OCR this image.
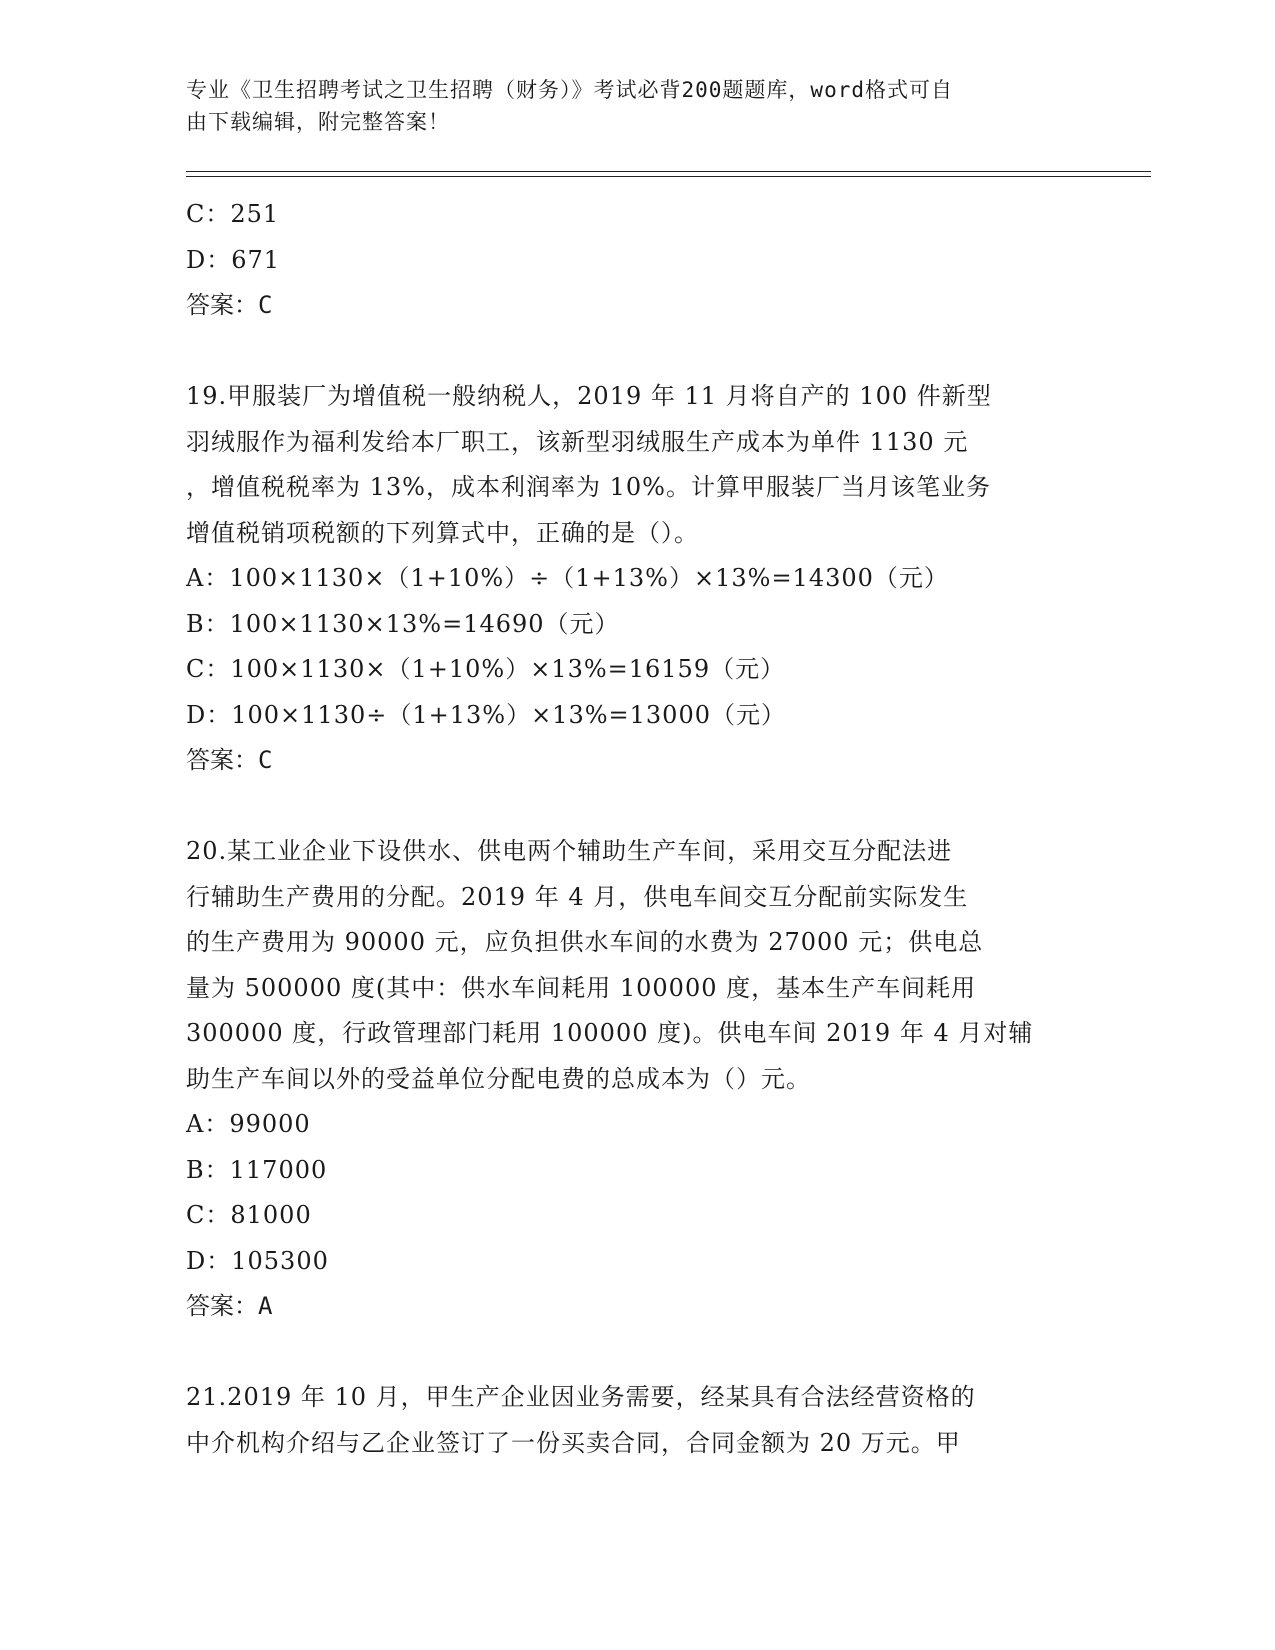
专业《卫生招聘考试之卫生招聘（财务）》考试必背200题题库，word格式可自
由下载编辑，附完整答案！
C：251
D：671
答案：C
19.甲服装厂为增值税一般纳税人，2019 年 11 月将自产的 100 件新型
羽绒服作为福利发给本厂职工，该新型羽绒服生产成本为单件 1130 元
，增值税税率为 13%，成本利润率为 10%。计算甲服装厂当月该笔业务
增值税销项税额的下列算式中，正确的是（）。
A：100×1130×（1+10%）÷（1+13%）×13%=14300（元）
B：100×1130×13%=14690（元）
C：100×1130×（1+10%）×13%=16159（元）
D：100×1130÷（1+13%）×13%=13000（元）
答案：C
20.某工业企业下设供水、供电两个辅助生产车间，采用交互分配法进
行辅助生产费用的分配。2019 年 4 月，供电车间交互分配前实际发生
的生产费用为 90000 元，应负担供水车间的水费为 27000 元；供电总
量为 500000 度(其中：供水车间耗用 100000 度，基本生产车间耗用
300000 度，行政管理部门耗用 100000 度)。供电车间 2019 年 4 月对辅
助生产车间以外的受益单位分配电费的总成本为（）元。
A：99000
B：117000
C：81000
D：105300
答案：A
21.2019 年 10 月，甲生产企业因业务需要，经某具有合法经营资格的
中介机构介绍与乙企业签订了一份买卖合同，合同金额为 20 万元。甲
